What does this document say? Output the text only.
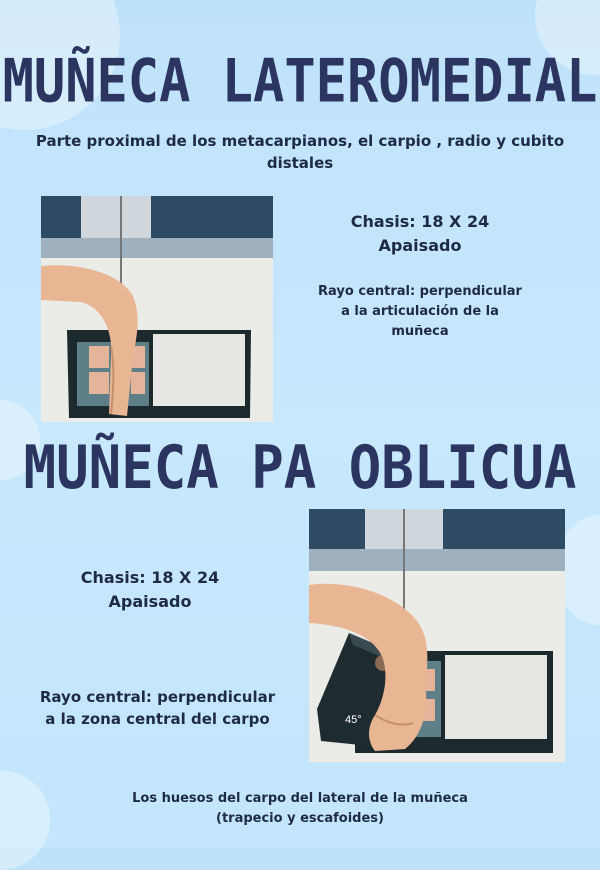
MUÑECA LATEROMEDIAL
Parte proximal de los metacarpianos, el carpio , radio y cubito
distales
Chasis: 18 X 24
Apaisado
Rayo central: perpendicular
a la articulación de la
muñeca
MUÑECA PA OBLICUA
Chasis: 18 X 24
Apaisado
45°
Rayo central: perpendicular
a la zona central del carpo
Los huesos del carpo del lateral de la muñeca
(trapecio y escafoides)
